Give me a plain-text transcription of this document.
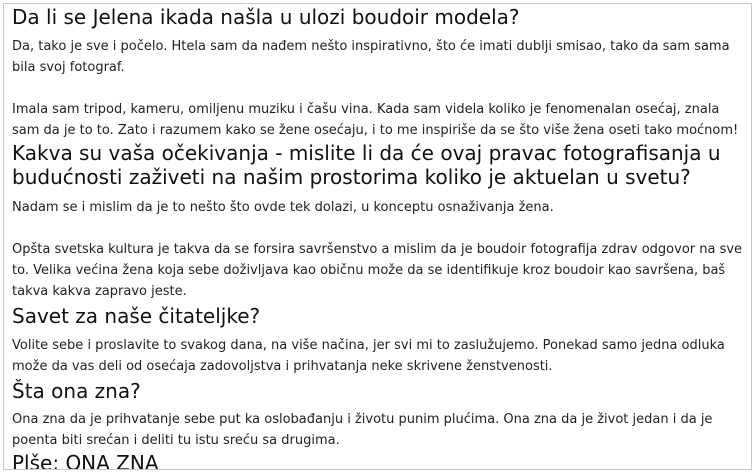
Da li se Jelena ikada našla u ulozi boudoir modela?

Da, tako je sve i počelo. Htela sam da nađem nešto inspirativno, što će imati dublji smisao, tako da sam sama bila svoj fotograf.

Imala sam tripod, kameru, omiljenu muziku i čašu vina. Kada sam videla koliko je fenomenalan osećaj, znala sam da je to to. Zato i razumem kako se žene osećaju, i to me inspiriše da se što više žena oseti tako moćnom!

Kakva su vaša očekivanja - mislite li da će ovaj pravac fotografisanja u budućnosti zaživeti na našim prostorima koliko je aktuelan u svetu?

Nadam se i mislim da je to nešto što ovde tek dolazi, u konceptu osnaživanja žena.

Opšta svetska kultura je takva da se forsira savršenstvo a mislim da je boudoir fotografija zdrav odgovor na sve to. Velika većina žena koja sebe doživljava kao običnu može da se identifikuje kroz boudoir kao savršena, baš takva kakva zapravo jeste.

Savet za naše čitateljke?

Volite sebe i proslavite to svakog dana, na više načina, jer svi mi to zaslužujemo. Ponekad samo jedna odluka može da vas deli od osećaja zadovoljstva i prihvatanja neke skrivene ženstvenosti.

Šta ona zna?

Ona zna da je prihvatanje sebe put ka oslobađanju i životu punim plućima. Ona zna da je život jedan i da je poenta biti srećan i deliti tu istu sreću sa drugima.

Plše: ONA ZNA
